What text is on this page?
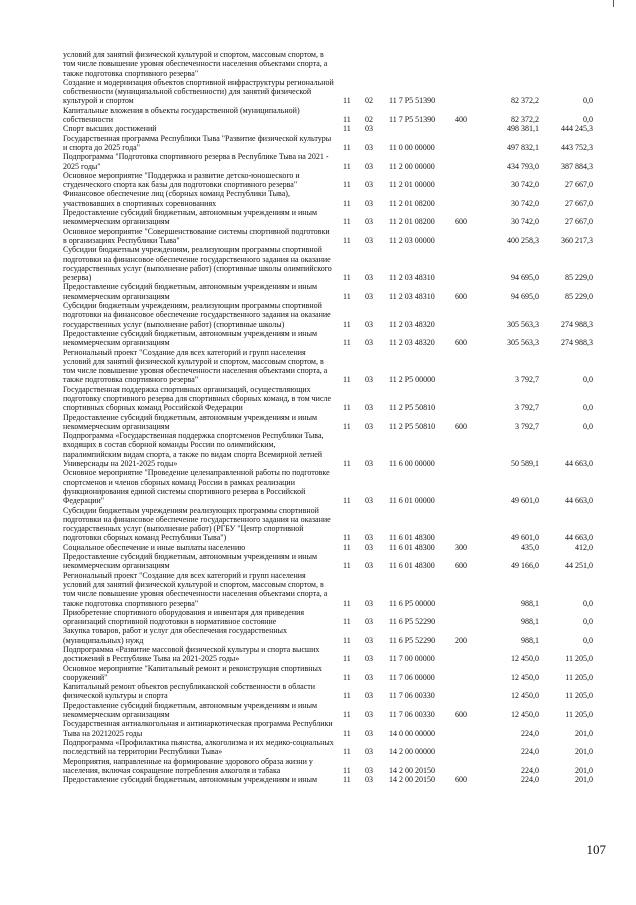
условий для занятий физической культурой и спортом, массовым спортом, в том числе повышение уровня обеспеченности населения объектами спорта, а также подготовка спортивного резерва"						
Создание и модернизация объектов спортивной инфраструктуры региональной собственности (муниципальной собственности) для занятий физической культурой и спортом	11	02	11 7 P5 51390		82 372,2	0,0
Капитальные вложения в объекты государственной (муниципальной) собственности	11	02	11 7 P5 51390	400	82 372,2	0,0
Спорт высших достижений	11	03			498 381,1	444 245,3
Государственная программа Республики Тыва "Развитие физической культуры и спорта до 2025 года"	11	03	11 0 00 00000		497 832,1	443 752,3
Подпрограмма "Подготовка спортивного резерва в Республике Тыва на 2021 - 2025 годы"	11	03	11 2 00 00000		434 793,0	387 884,3
Основное мероприятие "Поддержка и развитие детско-юношеского и студенческого спорта как базы для подготовки спортивного резерва"	11	03	11 2 01 00000		30 742,0	27 667,0
Финансовое обеспечение лиц (сборных команд Республики Тыва), участвовавших в спортивных соревнованиях	11	03	11 2 01 08200		30 742,0	27 667,0
Предоставление субсидий бюджетным, автономным учреждениям и иным некоммерческим организациям	11	03	11 2 01 08200	600	30 742,0	27 667,0
Основное мероприятие "Совершенствование системы спортивной подготовки в организациях Республики Тыва"	11	03	11 2 03 00000		400 258,3	360 217,3
Субсидии бюджетным учреждениям, реализующим программы спортивной подготовки на финансовое обеспечение государственного задания на оказание государственных услуг (выполнение работ) (спортивные школы олимпийского резерва)	11	03	11 2 03 48310		94 695,0	85 229,0
Предоставление субсидий бюджетным, автономным учреждениям и иным некоммерческим организациям	11	03	11 2 03 48310	600	94 695,0	85 229,0
Субсидии бюджетным учреждениям, реализующим программы спортивной подготовки на финансовое обеспечение государственного задания на оказание государственных услуг (выполнение работ) (спортивные школы)	11	03	11 2 03 48320		305 563,3	274 988,3
Предоставление субсидий бюджетным, автономным учреждениям и иным некоммерческим организациям	11	03	11 2 03 48320	600	305 563,3	274 988,3
Региональный проект "Создание для всех категорий и групп населения условий для занятий физической культурой и спортом, массовым спортом, в том числе повышение уровня обеспеченности населения объектами спорта, а также подготовка спортивного резерва"	11	03	11 2 P5 00000		3 792,7	0,0
Государственная поддержка спортивных организаций, осуществляющих подготовку спортивного резерва для спортивных сборных команд, в том числе спортивных сборных команд Российской Федерации	11	03	11 2 P5 50810		3 792,7	0,0
Предоставление субсидий бюджетным, автономным учреждениям и иным некоммерческим организациям	11	03	11 2 P5 50810	600	3 792,7	0,0
Подпрограмма «Государственная поддержка спортсменов Республики Тыва, входящих в состав сборной команды России по олимпийским, паралимпийским видам спорта, а также по видам спорта Всемирной летней Универсиады на 2021-2025 годы»	11	03	11 6 00 00000		50 589,1	44 663,0
Основное мероприятие "Проведение целенаправленной работы по подготовке спортсменов и членов сборных команд России в рамках реализации функционирования единой системы спортивного резерва в Российской Федерации"	11	03	11 6 01 00000		49 601,0	44 663,0
Субсидии бюджетным учреждениям реализующих программы спортивной подготовки на финансовое обеспечение государственного задания на оказание государственных услуг (выполнение работ) (РГБУ "Центр спортивной подготовки сборных команд Республики Тыва")	11	03	11 6 01 48300		49 601,0	44 663,0
Социальное обеспечение и иные выплаты населению	11	03	11 6 01 48300	300	435,0	412,0
Предоставление субсидий бюджетным, автономным учреждениям и иным некоммерческим организациям	11	03	11 6 01 48300	600	49 166,0	44 251,0
Региональный проект "Создание для всех категорий и групп населения условий для занятий физической культурой и спортом, массовым спортом, в том числе повышение уровня обеспеченности населения объектами спорта, а также подготовка спортивного резерва"	11	03	11 6 P5 00000		988,1	0,0
Приобретение спортивного оборудования и инвентаря для приведения организаций спортивной подготовки в нормативное состояние	11	03	11 6 P5 52290		988,1	0,0
Закупка товаров, работ и услуг для обеспечения государственных (муниципальных) нужд	11	03	11 6 P5 52290	200	988,1	0,0
Подпрограмма «Развитие массовой физической культуры и спорта высших достижений в Республике Тыва на 2021-2025 годы»	11	03	11 7 00 00000		12 450,0	11 205,0
Основное мероприятие "Капитальный ремонт и реконструкция спортивных сооружений"	11	03	11 7 06 00000		12 450,0	11 205,0
Капитальный ремонт объектов республиканской собственности в области физической культуры и спорта	11	03	11 7 06 00330		12 450,0	11 205,0
Предоставление субсидий бюджетным, автономным учреждениям и иным некоммерческим организациям	11	03	11 7 06 00330	600	12 450,0	11 205,0
Государственная антиалкогольная и антинаркотическая программа Республики Тыва на 20212025 годы	11	03	14 0 00 00000		224,0	201,0
Подпрограмма «Профилактика пьянства, алкоголизма и их медико-социальных последствий на территории Республики Тыва»	11	03	14 2 00 00000		224,0	201,0
Мероприятия, направленные на формирование здорового образа жизни у населения, включая сокращение потребления алкоголя и табака	11	03	14 2 00 20150		224,0	201,0
Предоставление субсидий бюджетным, автономным учреждениям и иным	11	03	14 2 00 20150	600	224,0	201,0
107
